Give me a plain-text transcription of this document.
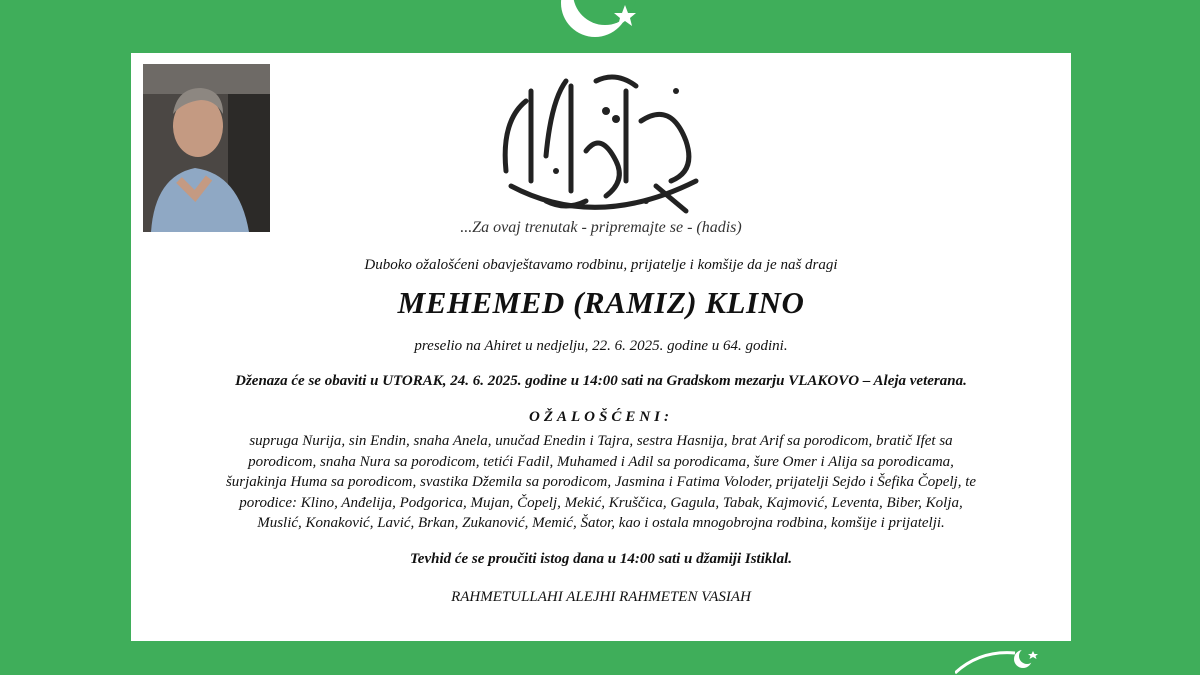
...Za ovaj trenutak - pripremajte se - (hadis)
Duboko ožalošćeni obavještavamo rodbinu, prijatelje i komšije da je naš dragi
MEHEMED (RAMIZ) KLINO
preselio na Ahiret u nedjelju, 22. 6. 2025. godine u 64. godini.
Dženaza će se obaviti u UTORAK, 24. 6. 2025. godine u 14:00 sati na Gradskom mezarju VLAKOVO – Aleja veterana.
OŽALOŠĆENI:
supruga Nurija, sin Endin, snaha Anela, unučad Enedin i Tajra, sestra Hasnija, brat Arif sa porodicom, bratič Ifet sa
porodicom, snaha Nura sa porodicom, tetići Fadil, Muhamed i Adil sa porodicama, šure Omer i Alija sa porodicama,
šurjakinja Huma sa porodicom, svastika Džemila sa porodicom, Jasmina i Fatima Voloder, prijatelji Sejdo i Šefika Čopelj, te
porodice: Klino, Anđelija, Podgorica, Mujan, Čopelj, Mekić, Kruščica, Gagula, Tabak, Kajmović, Leventa, Biber, Kolja,
Muslić, Konaković, Lavić, Brkan, Zukanović, Memić, Šator, kao i ostala mnogobrojna rodbina, komšije i prijatelji.
Tevhid će se proučiti istog dana u 14:00 sati u džamiji Istiklal.
RAHMETULLAHI ALEJHI RAHMETEN VASIAH
